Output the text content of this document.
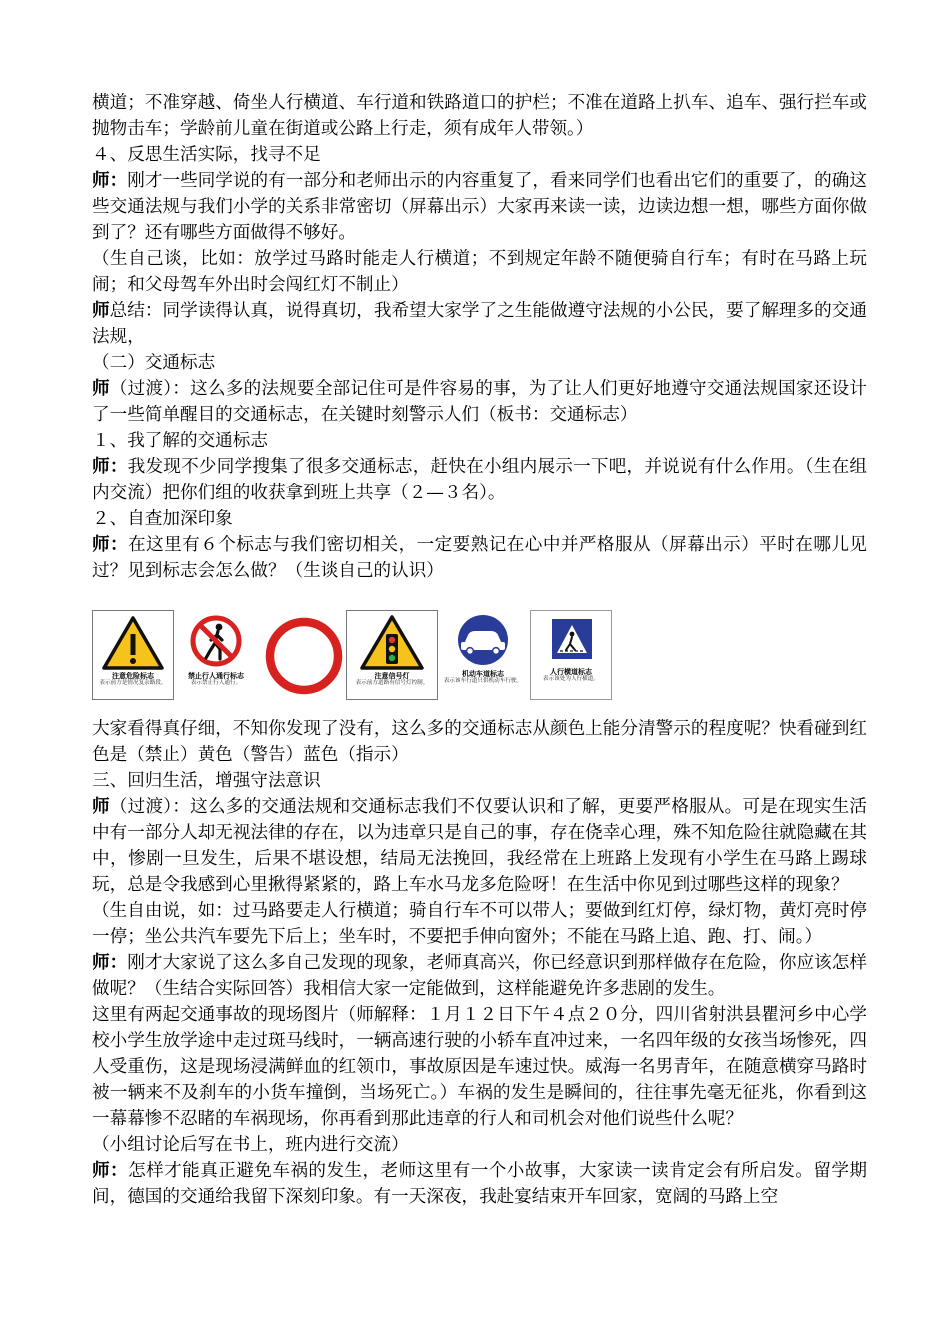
横道；不准穿越、倚坐人行横道、车行道和铁路道口的护栏；不准在道路上扒车、追车、强行拦车或抛物击车；学龄前儿童在街道或公路上行走，须有成年人带领。）

４、反思生活实际，找寻不足

师：刚才一些同学说的有一部分和老师出示的内容重复了，看来同学们也看出它们的重要了，的确这些交通法规与我们小学的关系非常密切（屏幕出示）大家再来读一读，边读边想一想，哪些方面你做到了？还有哪些方面做得不够好。

（生自己谈，比如：放学过马路时能走人行横道；不到规定年龄不随便骑自行车；有时在马路上玩闹；和父母驾车外出时会闯红灯不制止）

师总结：同学读得认真，说得真切，我希望大家学了之生能做遵守法规的小公民，要了解理多的交通法规，

（二）交通标志

师（过渡）：这么多的法规要全部记住可是件容易的事，为了让人们更好地遵守交通法规国家还设计了一些简单醒目的交通标志，在关键时刻警示人们（板书：交通标志）

１、我了解的交通标志

师：我发现不少同学搜集了很多交通标志，赶快在小组内展示一下吧，并说说有什么作用。（生在组内交流）把你们组的收获拿到班上共享（２—３名）。

２、自查加深印象

师：在这里有６个标志与我们密切相关，一定要熟记在心中并严格服从（屏幕出示）平时在哪儿见过？见到标志会怎么做？（生谈自己的认识）

注意危险标志
表示前方是情况复杂路段。
禁止行人通行标志
表示禁止行人通行。
注意信号灯
表示前方道路有信号灯控制。
机动车道标志
表示该车行道只供机动车行驶。
人行横道标志
表示该处为人行横道。

大家看得真仔细，不知你发现了没有，这么多的交通标志从颜色上能分清警示的程度呢？快看碰到红色是（禁止）黄色（警告）蓝色（指示）

三、回归生活，增强守法意识

师（过渡）：这么多的交通法规和交通标志我们不仅要认识和了解，更要严格服从。可是在现实生活中有一部分人却无视法律的存在，以为违章只是自己的事，存在侥幸心理，殊不知危险往就隐藏在其中，惨剧一旦发生，后果不堪设想，结局无法挽回，我经常在上班路上发现有小学生在马路上踢球玩，总是令我感到心里揪得紧紧的，路上车水马龙多危险呀！在生活中你见到过哪些这样的现象？

（生自由说，如：过马路要走人行横道；骑自行车不可以带人；要做到红灯停，绿灯物，黄灯亮时停一停；坐公共汽车要先下后上；坐车时，不要把手伸向窗外；不能在马路上追、跑、打、闹。）

师：刚才大家说了这么多自己发现的现象，老师真高兴，你已经意识到那样做存在危险，你应该怎样做呢？（生结合实际回答）我相信大家一定能做到，这样能避免许多悲剧的发生。

这里有两起交通事故的现场图片（师解释：１月１２日下午４点２０分，四川省射洪县瞿河乡中心学校小学生放学途中走过斑马线时，一辆高速行驶的小轿车直冲过来，一名四年级的女孩当场惨死，四人受重伤，这是现场浸满鲜血的红领巾，事故原因是车速过快。威海一名男青年，在随意横穿马路时被一辆来不及刹车的小货车撞倒，当场死亡。）车祸的发生是瞬间的，往往事先毫无征兆，你看到这一幕幕惨不忍睹的车祸现场，你再看到那此违章的行人和司机会对他们说些什么呢？

（小组讨论后写在书上，班内进行交流）

师：怎样才能真正避免车祸的发生，老师这里有一个小故事，大家读一读肯定会有所启发。留学期间，德国的交通给我留下深刻印象。有一天深夜，我赴宴结束开车回家，宽阔的马路上空
